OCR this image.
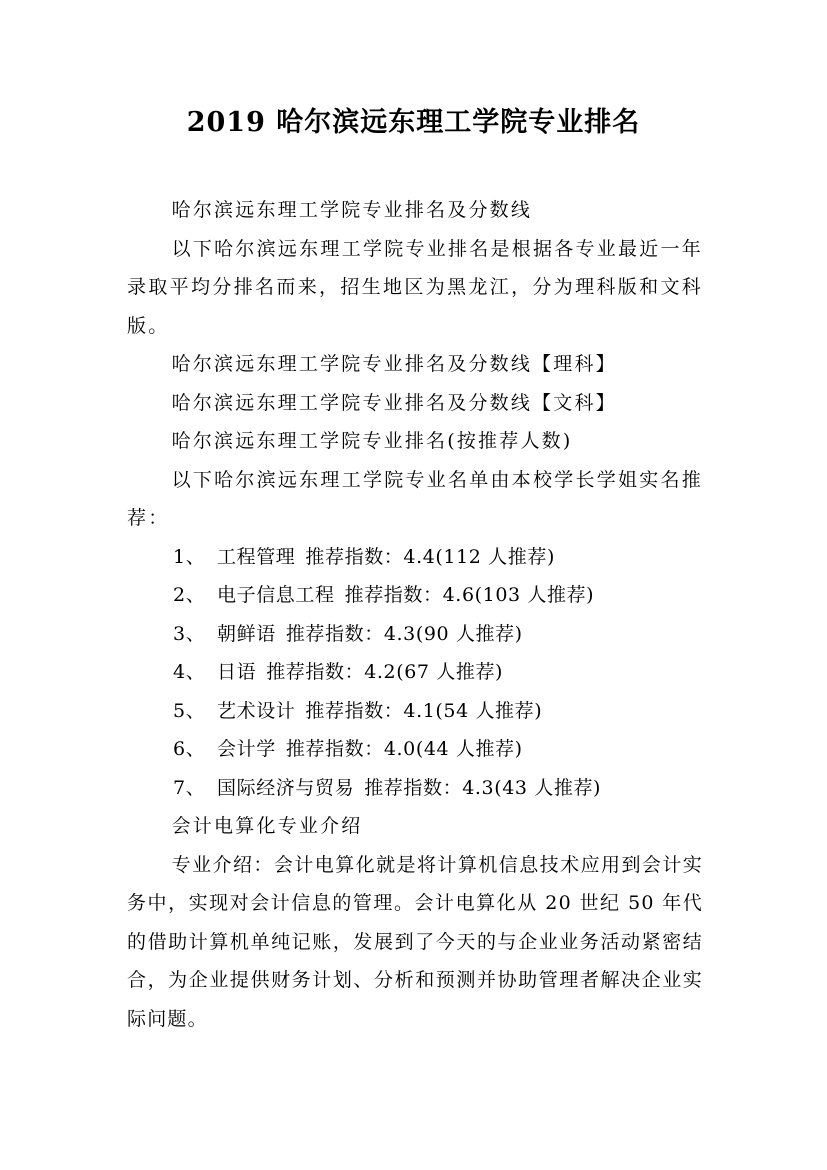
2019 哈尔滨远东理工学院专业排名

哈尔滨远东理工学院专业排名及分数线

以下哈尔滨远东理工学院专业排名是根据各专业最近一年录取平均分排名而来，招生地区为黑龙江，分为理科版和文科版。

哈尔滨远东理工学院专业排名及分数线【理科】

哈尔滨远东理工学院专业排名及分数线【文科】

哈尔滨远东理工学院专业排名(按推荐人数)

以下哈尔滨远东理工学院专业名单由本校学长学姐实名推荐：

1、 工程管理 推荐指数：4.4(112 人推荐)

2、 电子信息工程 推荐指数：4.6(103 人推荐)

3、 朝鲜语 推荐指数：4.3(90 人推荐)

4、 日语 推荐指数：4.2(67 人推荐)

5、 艺术设计 推荐指数：4.1(54 人推荐)

6、 会计学 推荐指数：4.0(44 人推荐)

7、 国际经济与贸易 推荐指数：4.3(43 人推荐)

会计电算化专业介绍

专业介绍：会计电算化就是将计算机信息技术应用到会计实务中，实现对会计信息的管理。会计电算化从 20 世纪 50 年代的借助计算机单纯记账，发展到了今天的与企业业务活动紧密结合，为企业提供财务计划、分析和预测并协助管理者解决企业实际问题。
